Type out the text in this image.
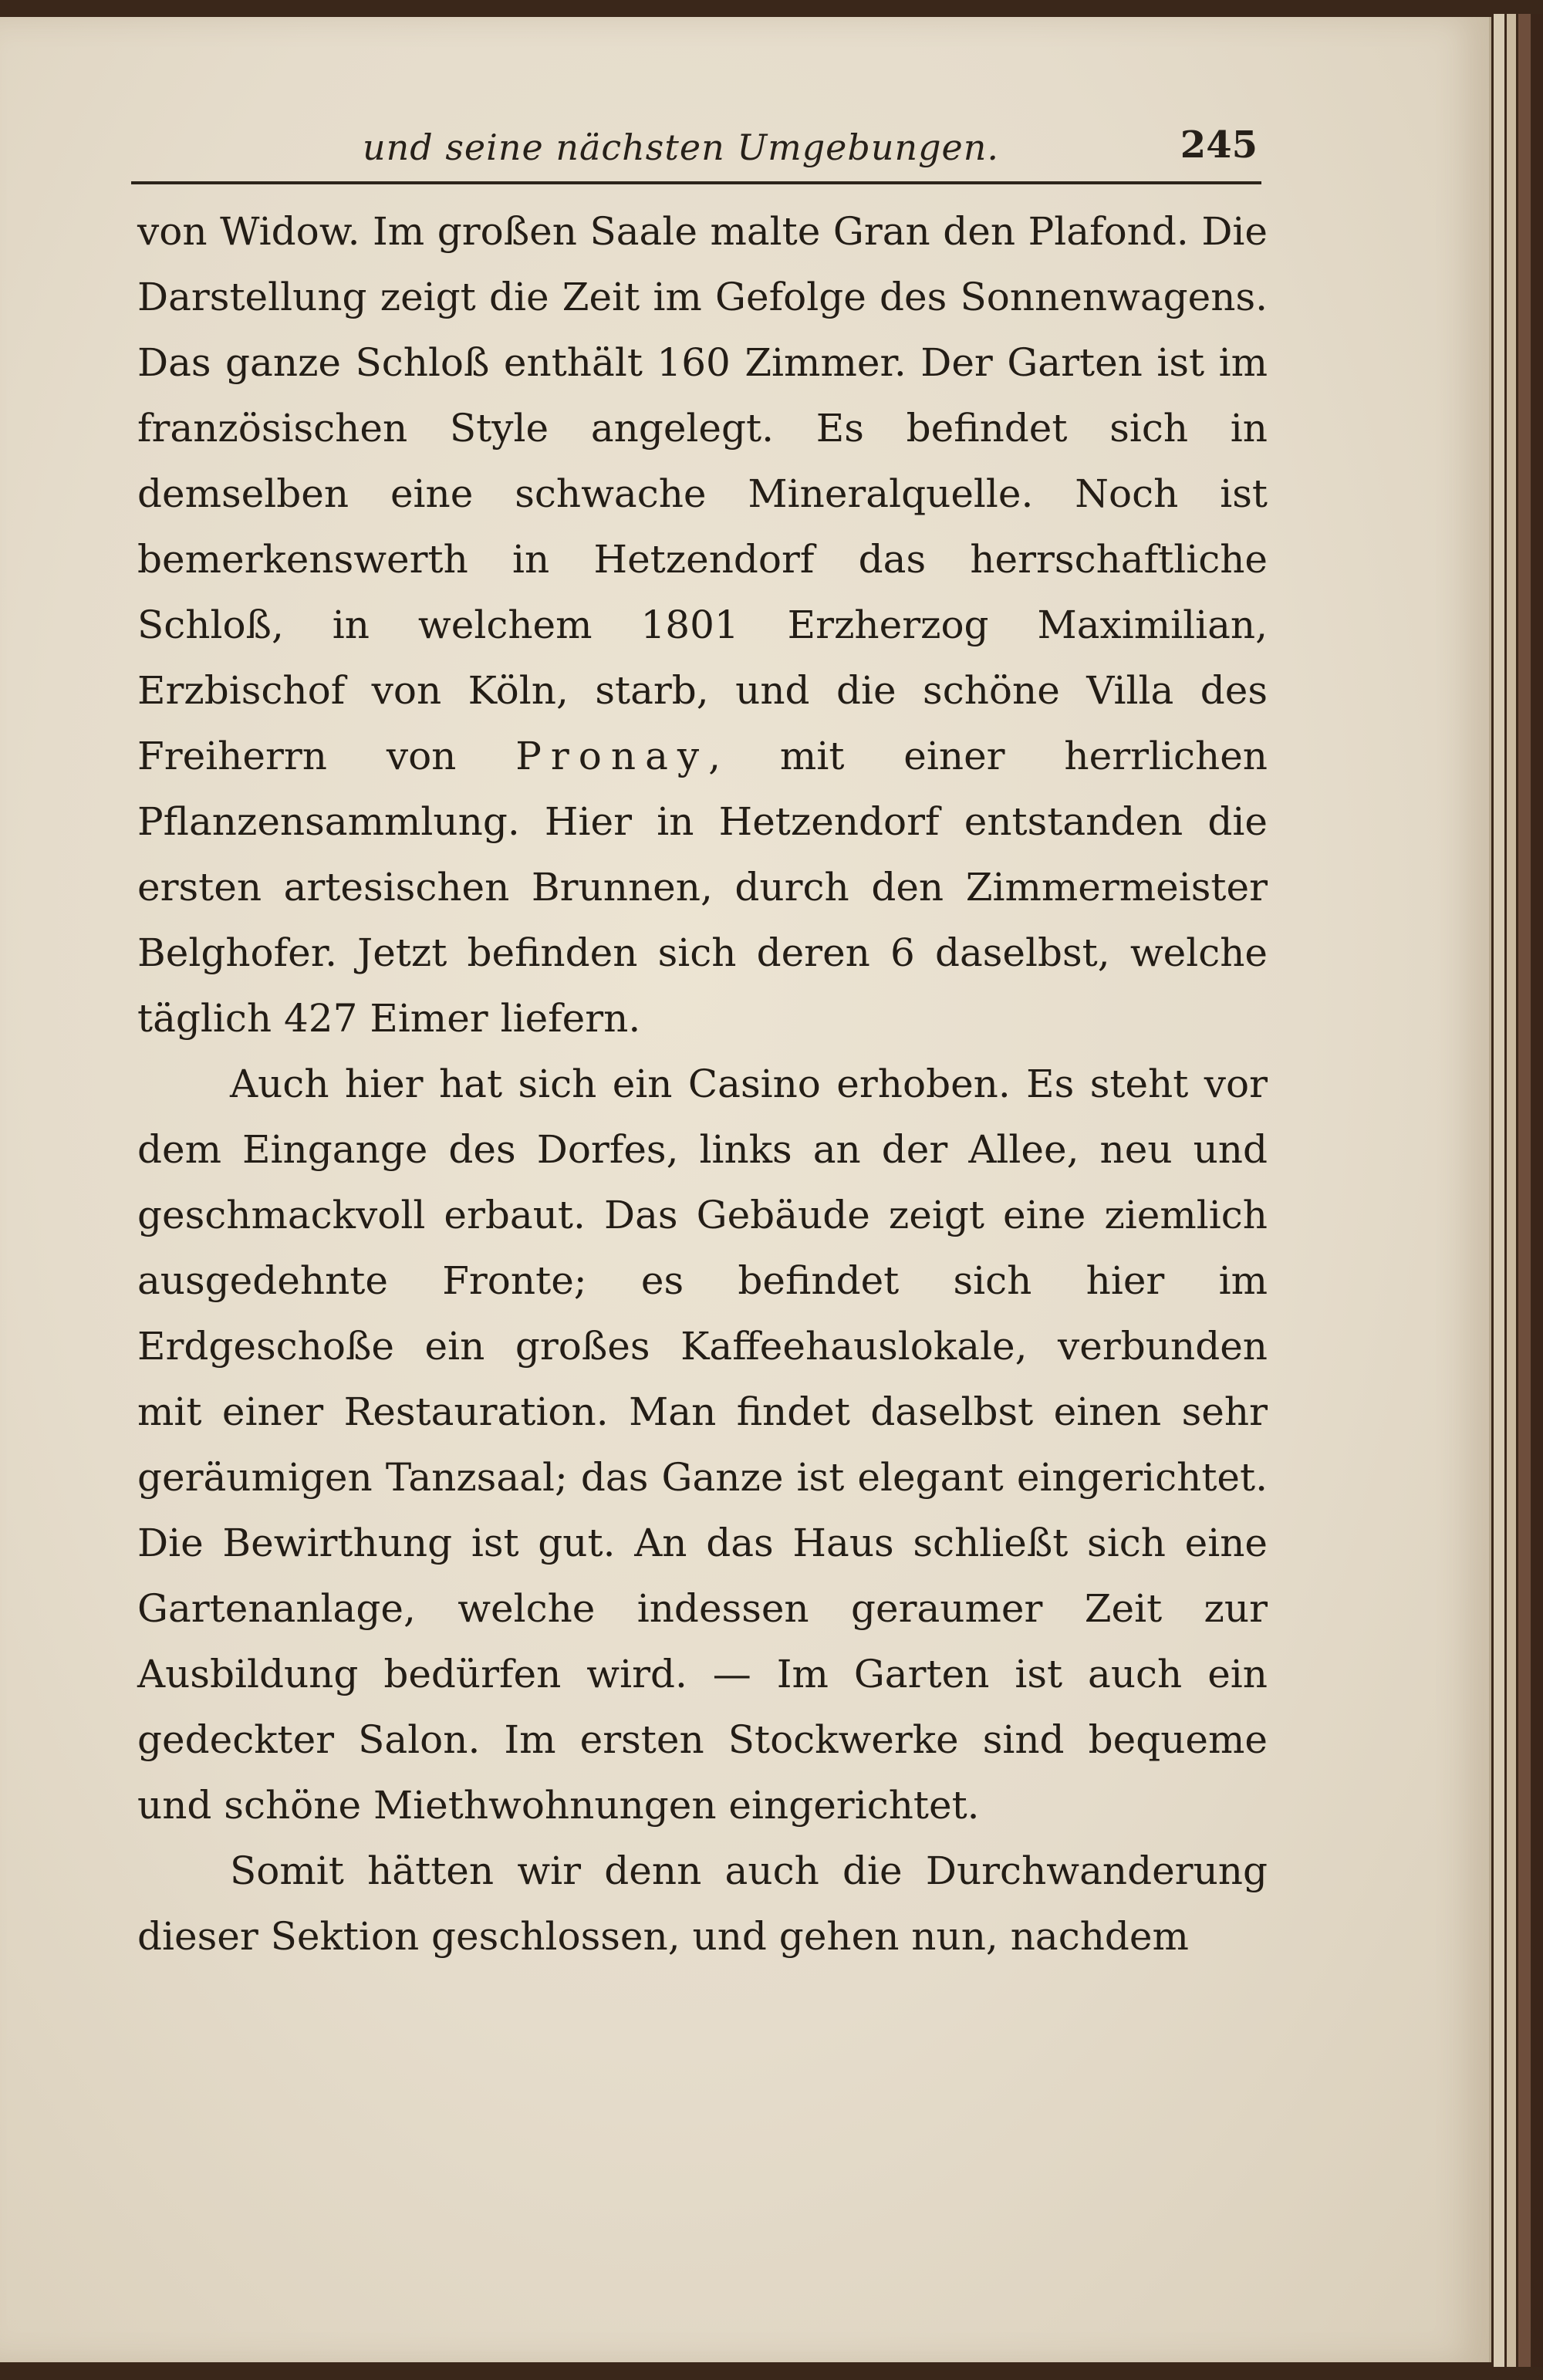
und seine nächsten Umgebungen.	245

von Widow. Im großen Saale malte Gran den Plafond. Die Darstellung zeigt die Zeit im Gefolge des Sonnenwagens. Das ganze Schloß enthält 160 Zimmer. Der Garten ist im französischen Style angelegt. Es befindet sich in demselben eine schwache Mineralquelle. Noch ist bemerkenswerth in Hetzendorf das herrschaftliche Schloß, in welchem 1801 Erzherzog Maximilian, Erzbischof von Köln, starb, und die schöne Villa des Freiherrn von Pronay, mit einer herrlichen Pflanzensammlung. Hier in Hetzendorf entstanden die ersten artesischen Brunnen, durch den Zimmermeister Belghofer. Jetzt befinden sich deren 6 daselbst, welche täglich 427 Eimer liefern.

Auch hier hat sich ein Casino erhoben. Es steht vor dem Eingange des Dorfes, links an der Allee, neu und geschmackvoll erbaut. Das Gebäude zeigt eine ziemlich ausgedehnte Fronte; es befindet sich hier im Erdgeschoße ein großes Kaffeehauslokale, verbunden mit einer Restauration. Man findet daselbst einen sehr geräumigen Tanzsaal; das Ganze ist elegant eingerichtet. Die Bewirthung ist gut. An das Haus schließt sich eine Gartenanlage, welche indessen geraumer Zeit zur Ausbildung bedürfen wird. — Im Garten ist auch ein gedeckter Salon. Im ersten Stockwerke sind bequeme und schöne Miethwohnungen eingerichtet.

Somit hätten wir denn auch die Durchwanderung dieser Sektion geschlossen, und gehen nun, nachdem
